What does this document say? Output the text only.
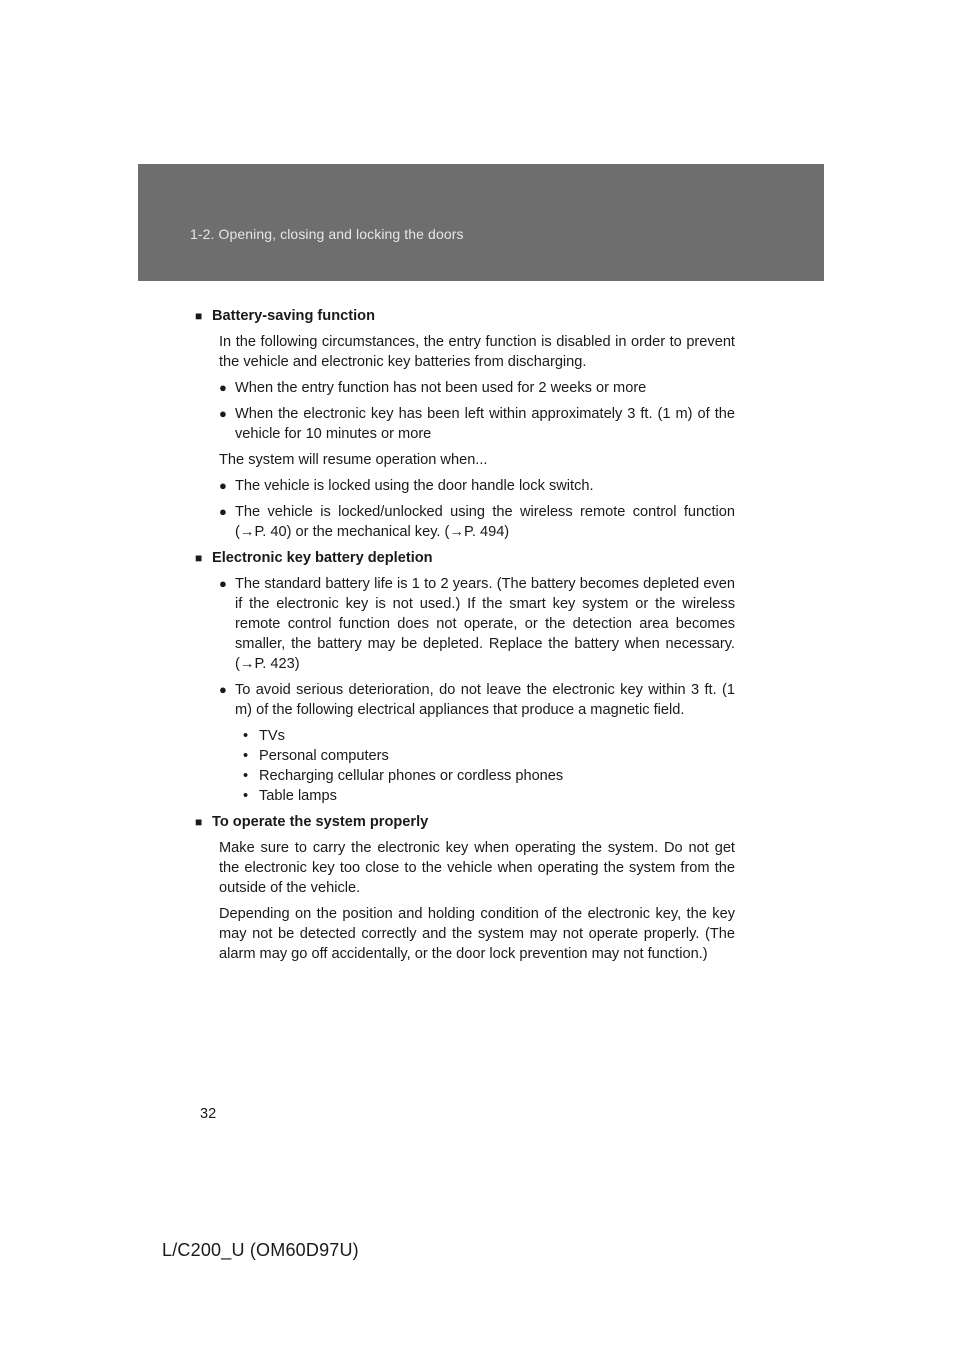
1-2. Opening, closing and locking the doors
■ Battery-saving function
In the following circumstances, the entry function is disabled in order to prevent the vehicle and electronic key batteries from discharging.
● When the entry function has not been used for 2 weeks or more
● When the electronic key has been left within approximately 3 ft. (1 m) of the vehicle for 10 minutes or more
The system will resume operation when...
● The vehicle is locked using the door handle lock switch.
● The vehicle is locked/unlocked using the wireless remote control function (→P. 40) or the mechanical key. (→P. 494)
■ Electronic key battery depletion
● The standard battery life is 1 to 2 years. (The battery becomes depleted even if the electronic key is not used.) If the smart key system or the wireless remote control function does not operate, or the detection area becomes smaller, the battery may be depleted. Replace the battery when necessary. (→P. 423)
● To avoid serious deterioration, do not leave the electronic key within 3 ft. (1 m) of the following electrical appliances that produce a magnetic field.
• TVs
• Personal computers
• Recharging cellular phones or cordless phones
• Table lamps
■ To operate the system properly
Make sure to carry the electronic key when operating the system. Do not get the electronic key too close to the vehicle when operating the system from the outside of the vehicle.
Depending on the position and holding condition of the electronic key, the key may not be detected correctly and the system may not operate properly. (The alarm may go off accidentally, or the door lock prevention may not function.)
32
L/C200_U (OM60D97U)
